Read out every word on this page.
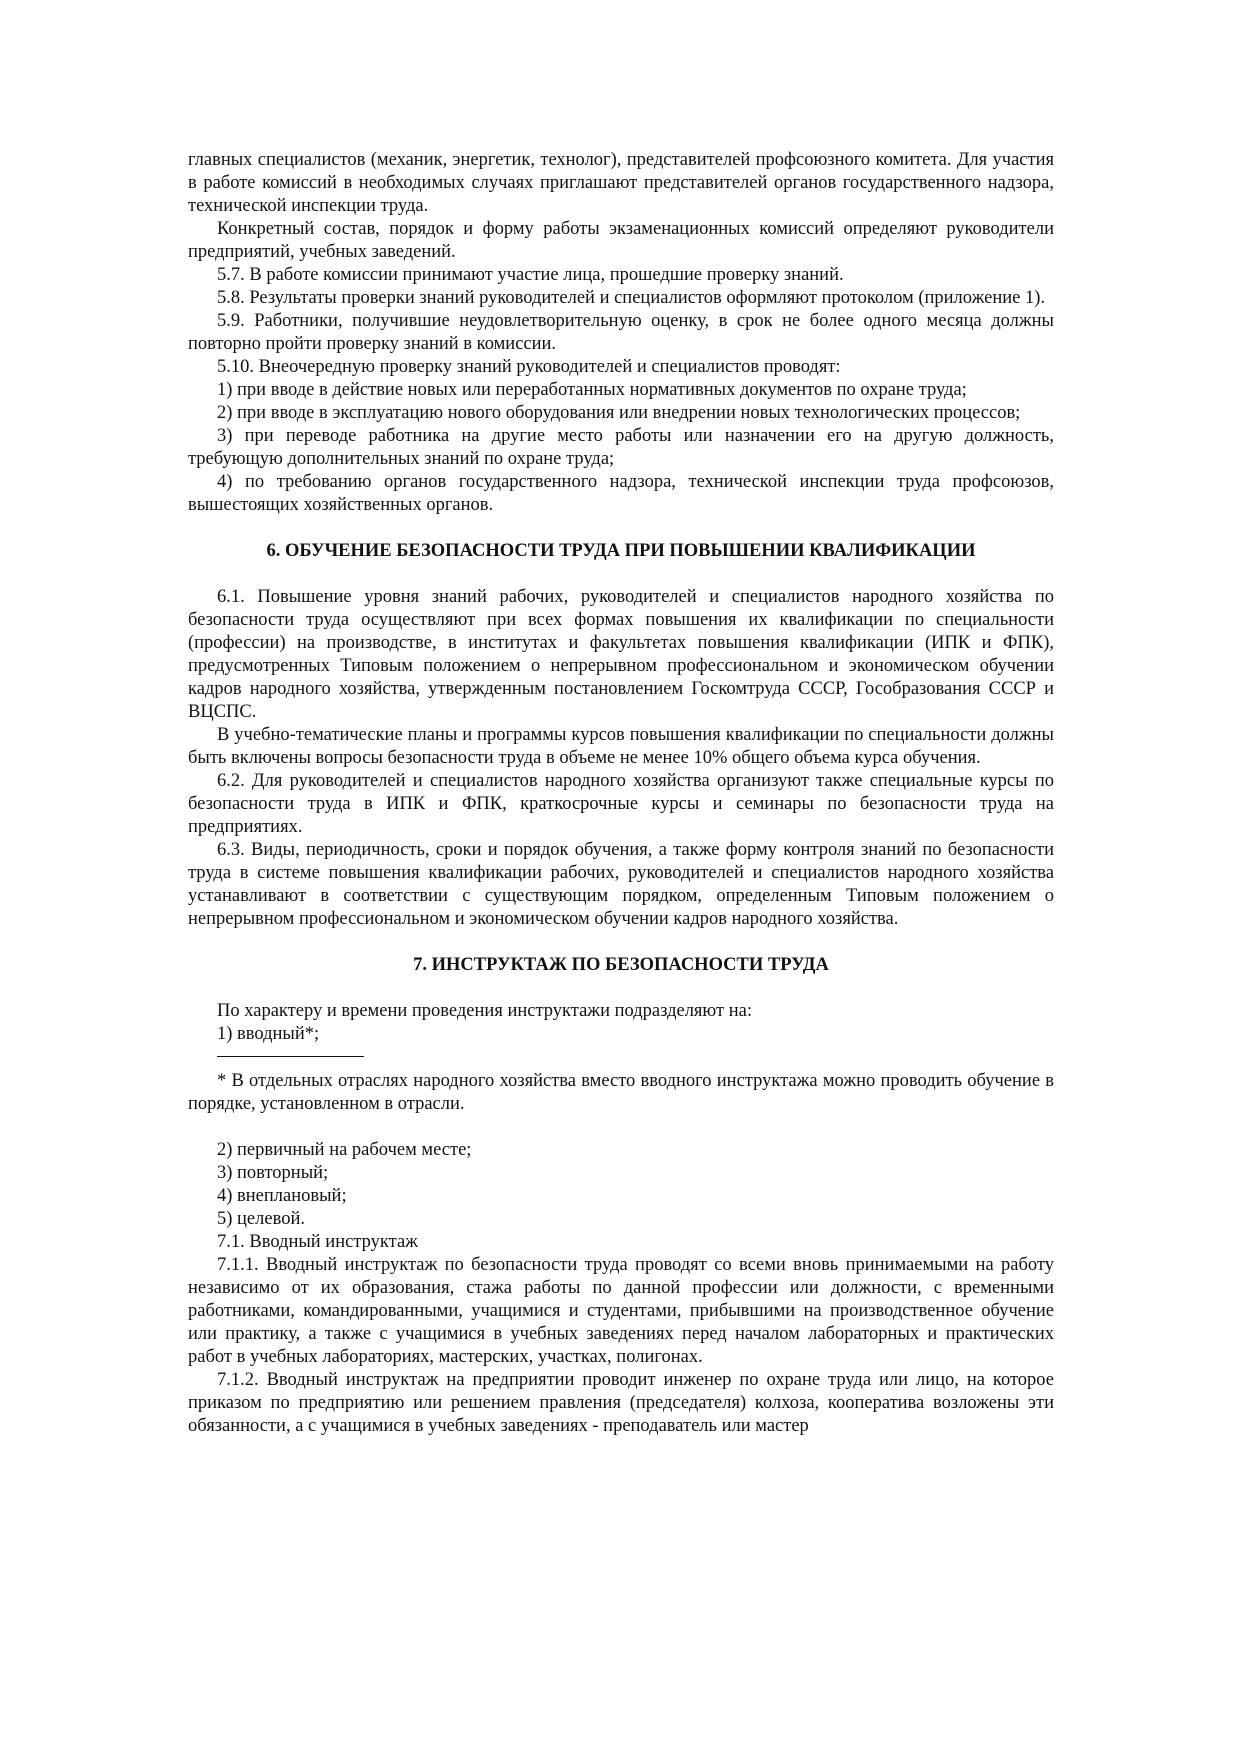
главных специалистов (механик, энергетик, технолог), представителей профсоюзного комитета. Для участия в работе комиссий в необходимых случаях приглашают представителей органов государственного надзора, технической инспекции труда.

Конкретный состав, порядок и форму работы экзаменационных комиссий определяют руководители предприятий, учебных заведений.

5.7. В работе комиссии принимают участие лица, прошедшие проверку знаний.

5.8. Результаты проверки знаний руководителей и специалистов оформляют протоколом (приложение 1).

5.9. Работники, получившие неудовлетворительную оценку, в срок не более одного месяца должны повторно пройти проверку знаний в комиссии.

5.10. Внеочередную проверку знаний руководителей и специалистов проводят:

1) при вводе в действие новых или переработанных нормативных документов по охране труда;

2) при вводе в эксплуатацию нового оборудования или внедрении новых технологических процессов;

3) при переводе работника на другие место работы или назначении его на другую должность, требующую дополнительных знаний по охране труда;

4) по требованию органов государственного надзора, технической инспекции труда профсоюзов, вышестоящих хозяйственных органов.

6. ОБУЧЕНИЕ БЕЗОПАСНОСТИ ТРУДА ПРИ ПОВЫШЕНИИ КВАЛИФИКАЦИИ

6.1. Повышение уровня знаний рабочих, руководителей и специалистов народного хозяйства по безопасности труда осуществляют при всех формах повышения их квалификации по специальности (профессии) на производстве, в институтах и факультетах повышения квалификации (ИПК и ФПК), предусмотренных Типовым положением о непрерывном профессиональном и экономическом обучении кадров народного хозяйства, утвержденным постановлением Госкомтруда СССР, Гособразования СССР и ВЦСПС.

В учебно-тематические планы и программы курсов повышения квалификации по специальности должны быть включены вопросы безопасности труда в объеме не менее 10% общего объема курса обучения.

6.2. Для руководителей и специалистов народного хозяйства организуют также специальные курсы по безопасности труда в ИПК и ФПК, краткосрочные курсы и семинары по безопасности труда на предприятиях.

6.3. Виды, периодичность, сроки и порядок обучения, а также форму контроля знаний по безопасности труда в системе повышения квалификации рабочих, руководителей и специалистов народного хозяйства устанавливают в соответствии с существующим порядком, определенным Типовым положением о непрерывном профессиональном и экономическом обучении кадров народного хозяйства.

7. ИНСТРУКТАЖ ПО БЕЗОПАСНОСТИ ТРУДА

По характеру и времени проведения инструктажи подразделяют на:

1) вводный*;

* В отдельных отраслях народного хозяйства вместо вводного инструктажа можно проводить обучение в порядке, установленном в отрасли.

2) первичный на рабочем месте;

3) повторный;

4) внеплановый;

5) целевой.

7.1. Вводный инструктаж

7.1.1. Вводный инструктаж по безопасности труда проводят со всеми вновь принимаемыми на работу независимо от их образования, стажа работы по данной профессии или должности, с временными работниками, командированными, учащимися и студентами, прибывшими на производственное обучение или практику, а также с учащимися в учебных заведениях перед началом лабораторных и практических работ в учебных лабораториях, мастерских, участках, полигонах.

7.1.2. Вводный инструктаж на предприятии проводит инженер по охране труда или лицо, на которое приказом по предприятию или решением правления (председателя) колхоза, кооператива возложены эти обязанности, а с учащимися в учебных заведениях - преподаватель или мастер
